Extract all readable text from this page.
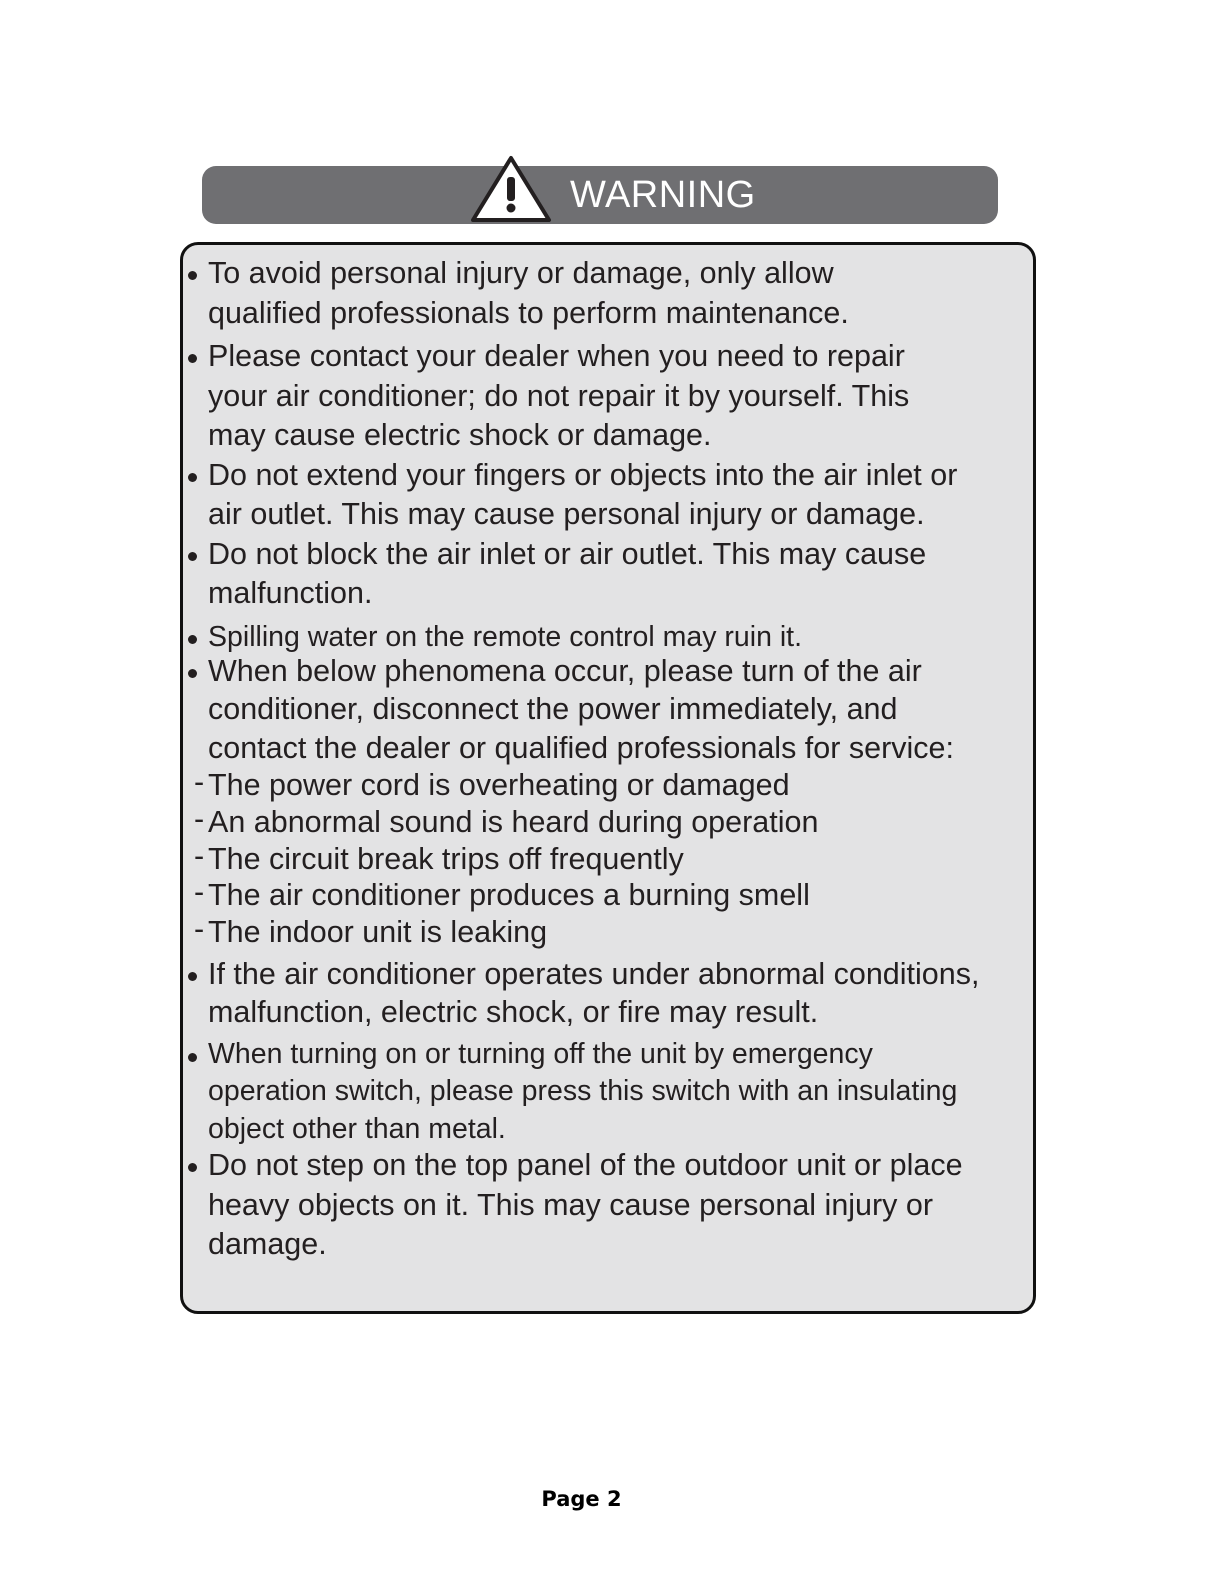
WARNING
To avoid personal injury or damage, only allow
qualified professionals to perform maintenance.
Please contact your dealer when you need to repair
your air conditioner; do not repair it by yourself. This
may cause electric shock or damage.
Do not extend your fingers or objects into the air inlet or
air outlet. This may cause personal injury or damage.
Do not block the air inlet or air outlet. This may cause
malfunction.
Spilling water on the remote control may ruin it.
When below phenomena occur, please turn of the air
conditioner, disconnect the power immediately, and
contact the dealer or qualified professionals for service:
- The power cord is overheating or damaged
- An abnormal sound is heard during operation
- The circuit break trips off frequently
- The air conditioner produces a burning smell
- The indoor unit is leaking
If the air conditioner operates under abnormal conditions,
malfunction, electric shock, or fire may result.
When turning on or turning off the unit by emergency
operation switch, please press this switch with an insulating
object other than metal.
Do not step on the top panel of the outdoor unit or place
heavy objects on it. This may cause personal injury or
damage.
Page 2
